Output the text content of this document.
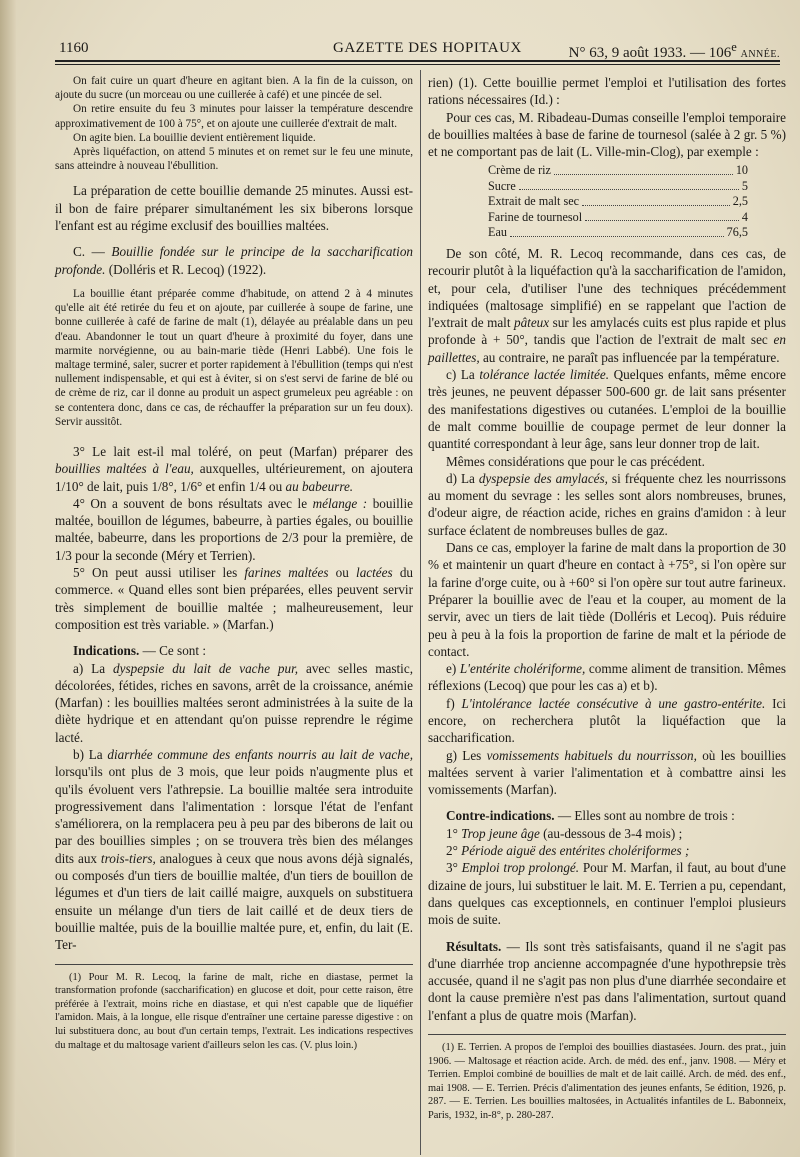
1160	GAZETTE DES HOPITAUX	N° 63, 9 août 1933. — 106e ANNÉE.

On fait cuire un quart d'heure en agitant bien. A la fin de la cuisson, on ajoute du sucre (un morceau ou une cuillerée à café) et une pincée de sel.

On retire ensuite du feu 3 minutes pour laisser la température descendre approximativement de 100 à 75°, et on ajoute une cuillerée d'extrait de malt.

On agite bien. La bouillie devient entièrement liquide.

Après liquéfaction, on attend 5 minutes et on remet sur le feu une minute, sans atteindre à nouveau l'ébullition.

La préparation de cette bouillie demande 25 minutes. Aussi est-il bon de faire préparer simultanément les six biberons lorsque l'enfant est au régime exclusif des bouillies maltées.

C. — Bouillie fondée sur le principe de la saccharification profonde. (Dolléris et R. Lecoq) (1922).

La bouillie étant préparée comme d'habitude, on attend 2 à 4 minutes qu'elle ait été retirée du feu et on ajoute, par cuillerée à soupe de farine, une bonne cuillerée à café de farine de malt (1), délayée au préalable dans un peu d'eau. Abandonner le tout un quart d'heure à proximité du foyer, dans une marmite norvégienne, ou au bain-marie tiède (Henri Labbé). Une fois le maltage terminé, saler, sucrer et porter rapidement à l'ébullition (temps qui n'est nullement indispensable, et qui est à éviter, si on s'est servi de farine de blé ou de crème de riz, car il donne au produit un aspect grumeleux peu agréable : on se contentera donc, dans ce cas, de réchauffer la préparation sur un feu doux). Servir aussitôt.

3° Le lait est-il mal toléré, on peut (Marfan) préparer des bouillies maltées à l'eau, auxquelles, ultérieurement, on ajoutera 1/10° de lait, puis 1/8°, 1/6° et enfin 1/4 ou au babeurre.

4° On a souvent de bons résultats avec le mélange : bouillie maltée, bouillon de légumes, babeurre, à parties égales, ou bouillie maltée, babeurre, dans les proportions de 2/3 pour la première, de 1/3 pour la seconde (Méry et Terrien).

5° On peut aussi utiliser les farines maltées ou lactées du commerce. « Quand elles sont bien préparées, elles peuvent servir très simplement de bouillie maltée ; malheureusement, leur composition est très variable. » (Marfan.)

Indications. — Ce sont :

a) La dyspepsie du lait de vache pur, avec selles mastic, décolorées, fétides, riches en savons, arrêt de la croissance, anémie (Marfan) : les bouillies maltées seront administrées à la suite de la diète hydrique et en attendant qu'on puisse reprendre le régime lacté.

b) La diarrhée commune des enfants nourris au lait de vache, lorsqu'ils ont plus de 3 mois, que leur poids n'augmente plus et qu'ils évoluent vers l'athrepsie. La bouillie maltée sera introduite progressivement dans l'alimentation : lorsque l'état de l'enfant s'améliorera, on la remplacera peu à peu par des biberons de lait ou par des bouillies simples ; on se trouvera très bien des mélanges dits aux trois-tiers, analogues à ceux que nous avons déjà signalés, ou composés d'un tiers de bouillie maltée, d'un tiers de bouillon de légumes et d'un tiers de lait caillé maigre, auxquels on substituera ensuite un mélange d'un tiers de lait caillé et de deux tiers de bouillie maltée, puis de la bouillie maltée pure, et, enfin, du lait (E. Ter-

(1) Pour M. R. Lecoq, la farine de malt, riche en diastase, permet la transformation profonde (saccharification) en glucose et doit, pour cette raison, être préférée à l'extrait, moins riche en diastase, et qui n'est capable que de liquéfier l'amidon. Mais, à la longue, elle risque d'entraîner une certaine paresse digestive : on lui substituera donc, au bout d'un certain temps, l'extrait. Les indications respectives du maltage et du maltosage varient d'ailleurs selon les cas. (V. plus loin.)

rien) (1). Cette bouillie permet l'emploi et l'utilisation des fortes rations nécessaires (Id.) :

Pour ces cas, M. Ribadeau-Dumas conseille l'emploi temporaire de bouillies maltées à base de farine de tournesol (salée à 2 gr. 5 %) et ne comportant pas de lait (L. Ville-min-Clog), par exemple :

Crème de riz	10
Sucre	5
Extrait de malt sec	2,5
Farine de tournesol	4
Eau	76,5

De son côté, M. R. Lecoq recommande, dans ces cas, de recourir plutôt à la liquéfaction qu'à la saccharification de l'amidon, et, pour cela, d'utiliser l'une des techniques précédemment indiquées (maltosage simplifié) en se rappelant que l'action de l'extrait de malt pâteux sur les amylacés cuits est plus rapide et plus profonde à + 50°, tandis que l'action de l'extrait de malt sec en paillettes, au contraire, ne paraît pas influencée par la température.

c) La tolérance lactée limitée. Quelques enfants, même encore très jeunes, ne peuvent dépasser 500-600 gr. de lait sans présenter des manifestations digestives ou cutanées. L'emploi de la bouillie de malt comme bouillie de coupage permet de leur donner la quantité correspondant à leur âge, sans leur donner trop de lait.

Mêmes considérations que pour le cas précédent.

d) La dyspepsie des amylacés, si fréquente chez les nourrissons au moment du sevrage : les selles sont alors nombreuses, brunes, d'odeur aigre, de réaction acide, riches en grains d'amidon : à leur surface éclatent de nombreuses bulles de gaz.

Dans ce cas, employer la farine de malt dans la proportion de 30 % et maintenir un quart d'heure en contact à +75°, si l'on opère sur la farine d'orge cuite, ou à +60° si l'on opère sur tout autre farineux. Préparer la bouillie avec de l'eau et la couper, au moment de la servir, avec un tiers de lait tiède (Dolléris et Lecoq). Puis réduire peu à peu à la fois la proportion de farine de malt et la période de contact.

e) L'entérite cholériforme, comme aliment de transition. Mêmes réflexions (Lecoq) que pour les cas a) et b).

f) L'intolérance lactée consécutive à une gastro-entérite. Ici encore, on recherchera plutôt la liquéfaction que la saccharification.

g) Les vomissements habituels du nourrisson, où les bouillies maltées servent à varier l'alimentation et à combattre ainsi les vomissements (Marfan).

Contre-indications. — Elles sont au nombre de trois :

1° Trop jeune âge (au-dessous de 3-4 mois) ;

2° Période aiguë des entérites cholériformes ;

3° Emploi trop prolongé. Pour M. Marfan, il faut, au bout d'une dizaine de jours, lui substituer le lait. M. E. Terrien a pu, cependant, dans quelques cas exceptionnels, en continuer l'emploi plusieurs mois de suite.

Résultats. — Ils sont très satisfaisants, quand il ne s'agit pas d'une diarrhée trop ancienne accompagnée d'une hypothrepsie très accusée, quand il ne s'agit pas non plus d'une diarrhée secondaire et dont la cause première n'est pas dans l'alimentation, surtout quand l'enfant a plus de quatre mois (Marfan).

(1) E. Terrien. A propos de l'emploi des bouillies diastasées. Journ. des prat., juin 1906. — Maltosage et réaction acide. Arch. de méd. des enf., janv. 1908. — Méry et Terrien. Emploi combiné de bouillies de malt et de lait caillé. Arch. de méd. des enf., mai 1908. — E. Terrien. Précis d'alimentation des jeunes enfants, 5e édition, 1926, p. 287. — E. Terrien. Les bouillies maltosées, in Actualités infantiles de L. Babonneix, Paris, 1932, in-8°, p. 280-287.
